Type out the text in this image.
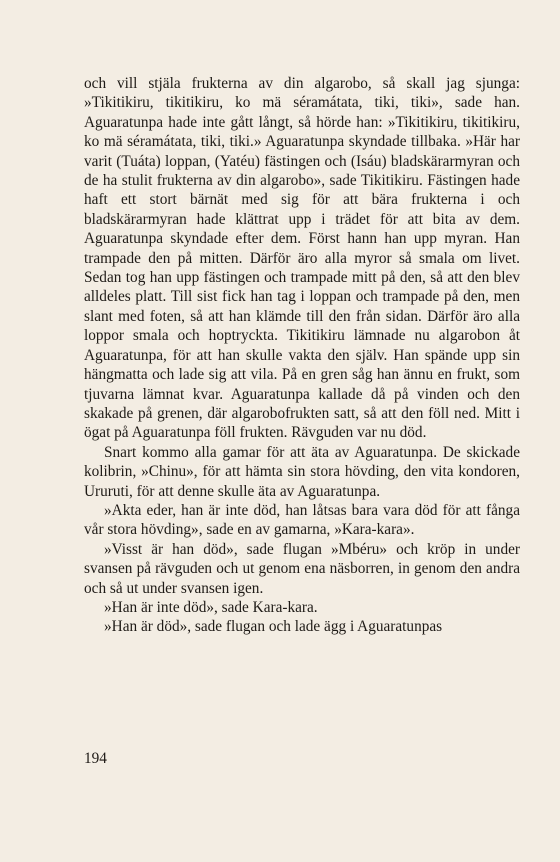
och vill stjäla frukterna av din algarobo, så skall jag sjunga: »Tikitikiru, tikitikiru, ko mä séramátata, tiki, tiki», sade han. Aguaratunpa hade inte gått långt, så hörde han: »Tikitikiru, tikitikiru, ko mä séramátata, tiki, tiki.» Aguaratunpa skyndade tillbaka. »Här har varit (Tuáta) loppan, (Yatéu) fästingen och (Isáu) bladskärarmyran och de ha stulit frukterna av din algarobo», sade Tikitikiru. Fästingen hade haft ett stort bärnät med sig för att bära frukterna i och bladskärarmyran hade klättrat upp i trädet för att bita av dem. Aguaratunpa skyndade efter dem. Först hann han upp myran. Han trampade den på mitten. Därför äro alla myror så smala om livet. Sedan tog han upp fästingen och trampade mitt på den, så att den blev alldeles platt. Till sist fick han tag i loppan och trampade på den, men slant med foten, så att han klämde till den från sidan. Därför äro alla loppor smala och hoptryckta. Tikitikiru lämnade nu algarobon åt Aguaratunpa, för att han skulle vakta den själv. Han spände upp sin hängmatta och lade sig att vila. På en gren såg han ännu en frukt, som tjuvarna lämnat kvar. Aguaratunpa kallade då på vinden och den skakade på grenen, där algarobofrukten satt, så att den föll ned. Mitt i ögat på Aguaratunpa föll frukten. Rävguden var nu död.

Snart kommo alla gamar för att äta av Aguaratunpa. De skickade kolibrin, »Chinu», för att hämta sin stora hövding, den vita kondoren, Ururuti, för att denne skulle äta av Aguaratunpa.

»Akta eder, han är inte död, han låtsas bara vara död för att fånga vår stora hövding», sade en av gamarna, »Kara-kara».

»Visst är han död», sade flugan »Mbéru» och kröp in under svansen på rävguden och ut genom ena näsborren, in genom den andra och så ut under svansen igen.

»Han är inte död», sade Kara-kara.

»Han är död», sade flugan och lade ägg i Aguaratunpas

194
